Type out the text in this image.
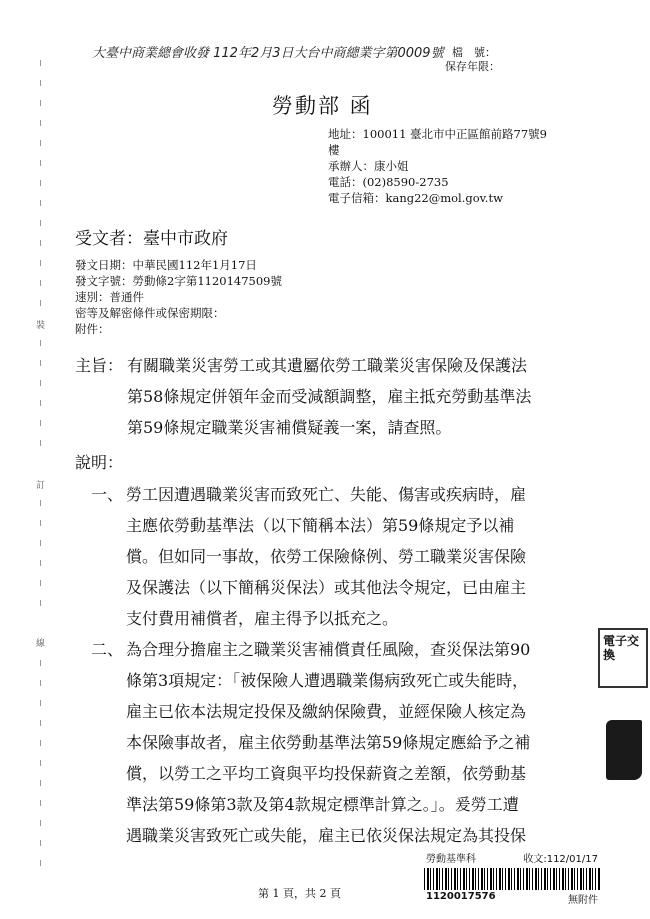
裝
訂
線
大臺中商業總會收發 112年2月3日大台中商總業字第0009號 檔　號：
保存年限：
勞動部 函
地址：100011 臺北市中正區館前路77號9
樓
承辦人：康小姐
電話：(02)8590-2735
電子信箱：kang22@mol.gov.tw
受文者：臺中市政府
發文日期：中華民國112年1月17日
發文字號：勞動條2字第1120147509號
速別：普通件
密等及解密條件或保密期限：
附件：
主旨： 有關職業災害勞工或其遺屬依勞工職業災害保險及保護法
第58條規定併領年金而受減額調整，雇主抵充勞動基準法
第59條規定職業災害補償疑義一案，請查照。
說明：
一、 勞工因遭遇職業災害而致死亡、失能、傷害或疾病時，雇
主應依勞動基準法（以下簡稱本法）第59條規定予以補
償。但如同一事故，依勞工保險條例、勞工職業災害保險
及保護法（以下簡稱災保法）或其他法令規定，已由雇主
支付費用補償者，雇主得予以抵充之。
二、 為合理分擔雇主之職業災害補償責任風險，查災保法第90
條第3項規定：「被保險人遭遇職業傷病致死亡或失能時，
雇主已依本法規定投保及繳納保險費，並經保險人核定為
本保險事故者，雇主依勞動基準法第59條規定應給予之補
償，以勞工之平均工資與平均投保薪資之差額，依勞動基
準法第59條第3款及第4款規定標準計算之。」。爰勞工遭
遇職業災害致死亡或失能，雇主已依災保法規定為其投保
電子交換
勞動基準科	收文:112/01/17
1120017576	無附件
第 1 頁，共 2 頁
